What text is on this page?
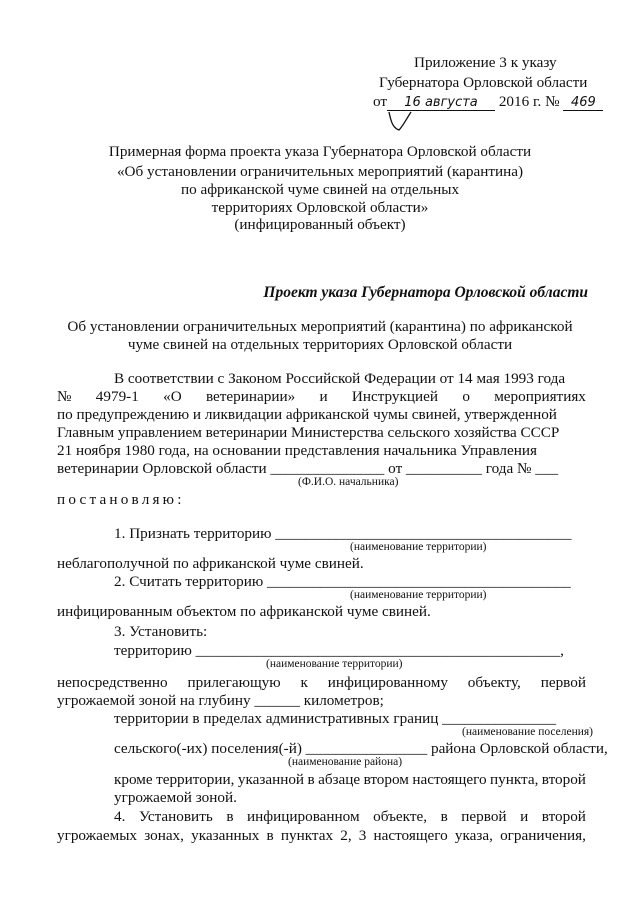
Приложение 3 к указу
Губернатора Орловской области
от 16 августа 2016 г. № 469
Примерная форма проекта указа Губернатора Орловской области
«Об установлении ограничительных мероприятий (карантина)
по африканской чуме свиней на отдельных
территориях Орловской области»
(инфицированный объект)
Проект указа Губернатора Орловской области
Об установлении ограничительных мероприятий (карантина) по африканской
чуме свиней на отдельных территориях Орловской области
В соответствии с Законом Российской Федерации от 14 мая 1993 года
№ 4979-1 «О ветеринарии» и Инструкцией о мероприятиях
по предупреждению и ликвидации африканской чумы свиней, утвержденной
Главным управлением ветеринарии Министерства сельского хозяйства СССР
21 ноября 1980 года, на основании представления начальника Управления
ветеринарии Орловской области _______________ от __________ года № ___
(Ф.И.О. начальника)
постановляю:
1. Признать территорию _______________________________________
(наименование территории)
неблагополучной по африканской чуме свиней.
2. Считать территорию ________________________________________
(наименование территории)
инфицированным объектом по африканской чуме свиней.
3. Установить:
территорию ________________________________________________,
(наименование территории)
непосредственно прилегающую к инфицированному объекту, первой
угрожаемой зоной на глубину ______ километров;
территории в пределах административных границ _______________
(наименование поселения)
сельского(-их) поселения(-й) ________________ района Орловской области,
(наименование района)
кроме территории, указанной в абзаце втором настоящего пункта, второй
угрожаемой зоной.
4. Установить в инфицированном объекте, в первой и второй
угрожаемых зонах, указанных в пунктах 2, 3 настоящего указа, ограничения,
